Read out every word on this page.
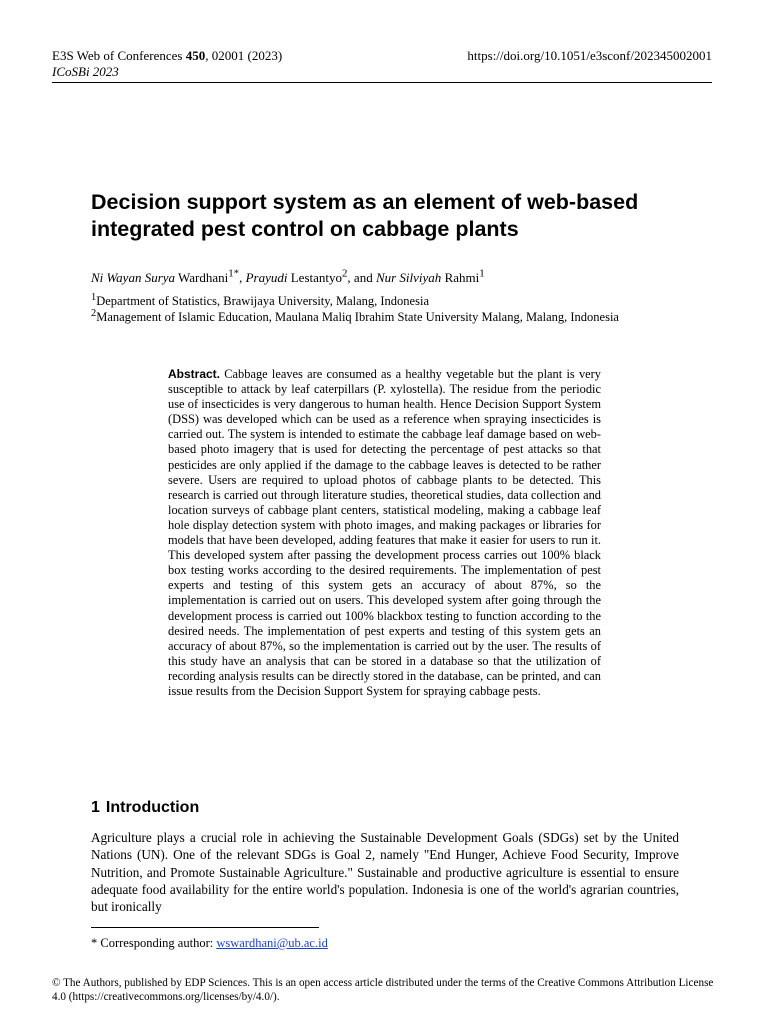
E3S Web of Conferences 450, 02001 (2023)
ICoSBi 2023
https://doi.org/10.1051/e3sconf/202345002001
Decision support system as an element of web-based integrated pest control on cabbage plants
Ni Wayan Surya Wardhani$^{1*}$, Prayudi Lestantyo$^2$, and Nur Silviyah Rahmi$^1$
$^1$Department of Statistics, Brawijaya University, Malang, Indonesia
$^2$Management of Islamic Education, Maulana Maliq Ibrahim State University Malang, Malang, Indonesia
Abstract. Cabbage leaves are consumed as a healthy vegetable but the plant is very susceptible to attack by leaf caterpillars (P. xylostella). The residue from the periodic use of insecticides is very dangerous to human health. Hence Decision Support System (DSS) was developed which can be used as a reference when spraying insecticides is carried out. The system is intended to estimate the cabbage leaf damage based on web-based photo imagery that is used for detecting the percentage of pest attacks so that pesticides are only applied if the damage to the cabbage leaves is detected to be rather severe. Users are required to upload photos of cabbage plants to be detected. This research is carried out through literature studies, theoretical studies, data collection and location surveys of cabbage plant centers, statistical modeling, making a cabbage leaf hole display detection system with photo images, and making packages or libraries for models that have been developed, adding features that make it easier for users to run it. This developed system after passing the development process carries out 100% black box testing works according to the desired requirements. The implementation of pest experts and testing of this system gets an accuracy of about 87%, so the implementation is carried out on users. This developed system after going through the development process is carried out 100% blackbox testing to function according to the desired needs. The implementation of pest experts and testing of this system gets an accuracy of about 87%, so the implementation is carried out by the user. The results of this study have an analysis that can be stored in a database so that the utilization of recording analysis results can be directly stored in the database, can be printed, and can issue results from the Decision Support System for spraying cabbage pests.
1 Introduction
Agriculture plays a crucial role in achieving the Sustainable Development Goals (SDGs) set by the United Nations (UN). One of the relevant SDGs is Goal 2, namely "End Hunger, Achieve Food Security, Improve Nutrition, and Promote Sustainable Agriculture." Sustainable and productive agriculture is essential to ensure adequate food availability for the entire world's population. Indonesia is one of the world's agrarian countries, but ironically
* Corresponding author: wswardhani@ub.ac.id
© The Authors, published by EDP Sciences. This is an open access article distributed under the terms of the Creative Commons Attribution License 4.0 (https://creativecommons.org/licenses/by/4.0/).
